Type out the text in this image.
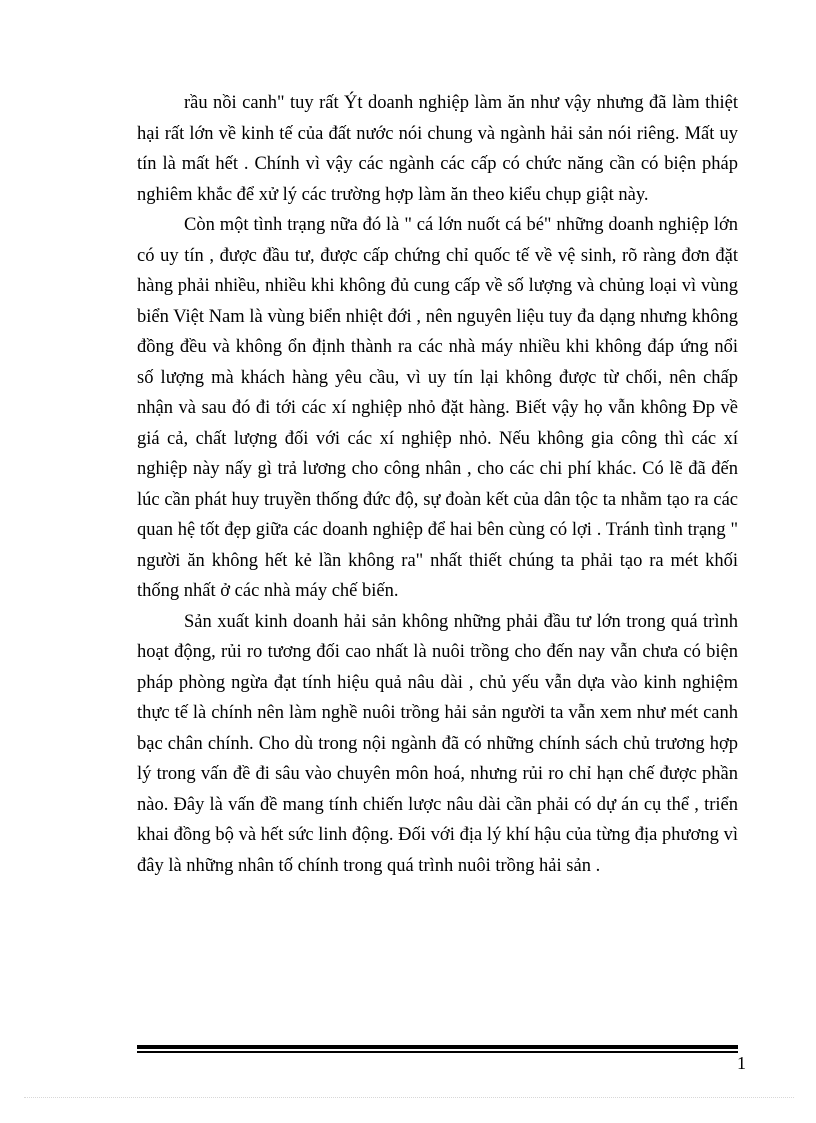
rầu nồi canh" tuy rất Ýt doanh nghiệp làm ăn như vậy nhưng đã làm thiệt hại rất lớn về kinh tế của đất nước nói chung và ngành hải sản nói riêng. Mất uy tín là mất hết . Chính vì vậy các ngành các cấp có chức năng cần có biện pháp nghiêm khắc để xử lý các trường hợp làm ăn theo kiểu chụp giật này.

Còn một tình trạng nữa đó là " cá lớn nuốt cá bé" những doanh nghiệp lớn có uy tín , được đầu tư, được cấp chứng chỉ quốc tế về vệ sinh, rõ ràng đơn đặt hàng phải nhiều, nhiều khi không đủ cung cấp về số lượng và chủng loại vì vùng biển Việt Nam là vùng biển nhiệt đới , nên nguyên liệu tuy đa dạng nhưng không đồng đều và không ổn định thành ra các nhà máy nhiều khi không đáp ứng nổi số lượng mà khách hàng yêu cầu, vì uy tín lại không được từ chối, nên chấp nhận và sau đó đi tới các xí nghiệp nhỏ đặt hàng. Biết vậy họ vẫn không Đp về giá cả, chất lượng đối với các xí nghiệp nhỏ. Nếu không gia công thì các xí nghiệp này nấy gì trả lương cho công nhân , cho các chi phí khác. Có lẽ đã đến lúc cần phát huy truyền thống đức độ, sự đoàn kết của dân tộc ta nhằm tạo ra các quan hệ tốt đẹp giữa các doanh nghiệp để hai bên cùng có lợi . Tránh tình trạng " người ăn không hết kẻ lần không ra" nhất thiết chúng ta phải tạo ra mét khối thống nhất ở các nhà máy chế biến.

Sản xuất kinh doanh hải sản không những phải đầu tư lớn trong quá trình hoạt động, rủi ro tương đối cao nhất là nuôi trồng cho đến nay vẫn chưa có biện pháp phòng ngừa đạt tính hiệu quả nâu dài , chủ yếu vẫn dựa vào kinh nghiệm thực tế là chính nên làm nghề nuôi trồng hải sản người ta vẫn xem như mét canh bạc chân chính. Cho dù trong nội ngành đã có những chính sách chủ trương hợp lý trong vấn đề đi sâu vào chuyên môn hoá, nhưng rủi ro chỉ hạn chế được phần nào. Đây là vấn đề mang tính chiến lược nâu dài cần phải có dự án cụ thể , triển khai đồng bộ và hết sức linh động. Đối với địa lý khí hậu của từng địa phương vì đây là những nhân tố chính trong quá trình nuôi trồng hải sản .

1
